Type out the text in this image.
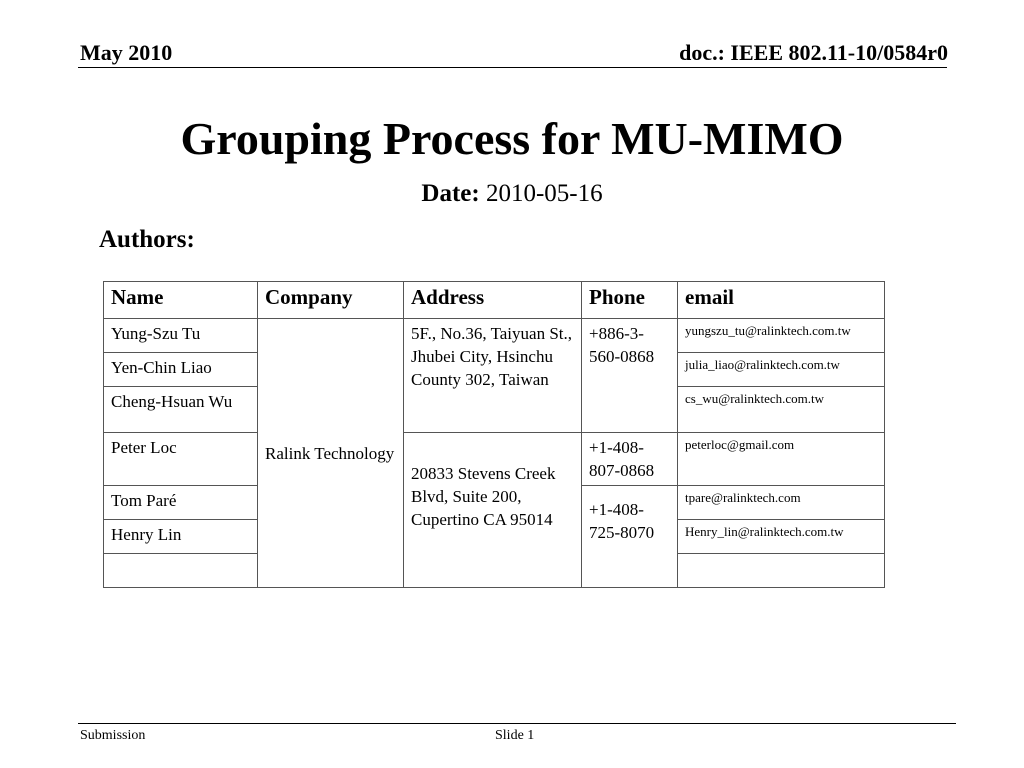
May 2010	doc.: IEEE 802.11-10/0584r0
Grouping Process for MU-MIMO
Date: 2010-05-16
Authors:
Name	Company	Address	Phone	email
Yung-Szu Tu	Ralink Technology	5F., No.36, Taiyuan St., Jhubei City, Hsinchu County 302, Taiwan	+886-3-560-0868	yungszu_tu@ralinktech.com.tw
Yen-Chin Liao				julia_liao@ralinktech.com.tw
Cheng-Hsuan Wu				cs_wu@ralinktech.com.tw
Peter Loc		20833 Stevens Creek Blvd, Suite 200, Cupertino CA 95014	+1-408-807-0868	peterloc@gmail.com
Tom Paré			+1-408-725-8070	tpare@ralinktech.com
Henry Lin				Henry_lin@ralinktech.com.tw

Submission	Slide 1
